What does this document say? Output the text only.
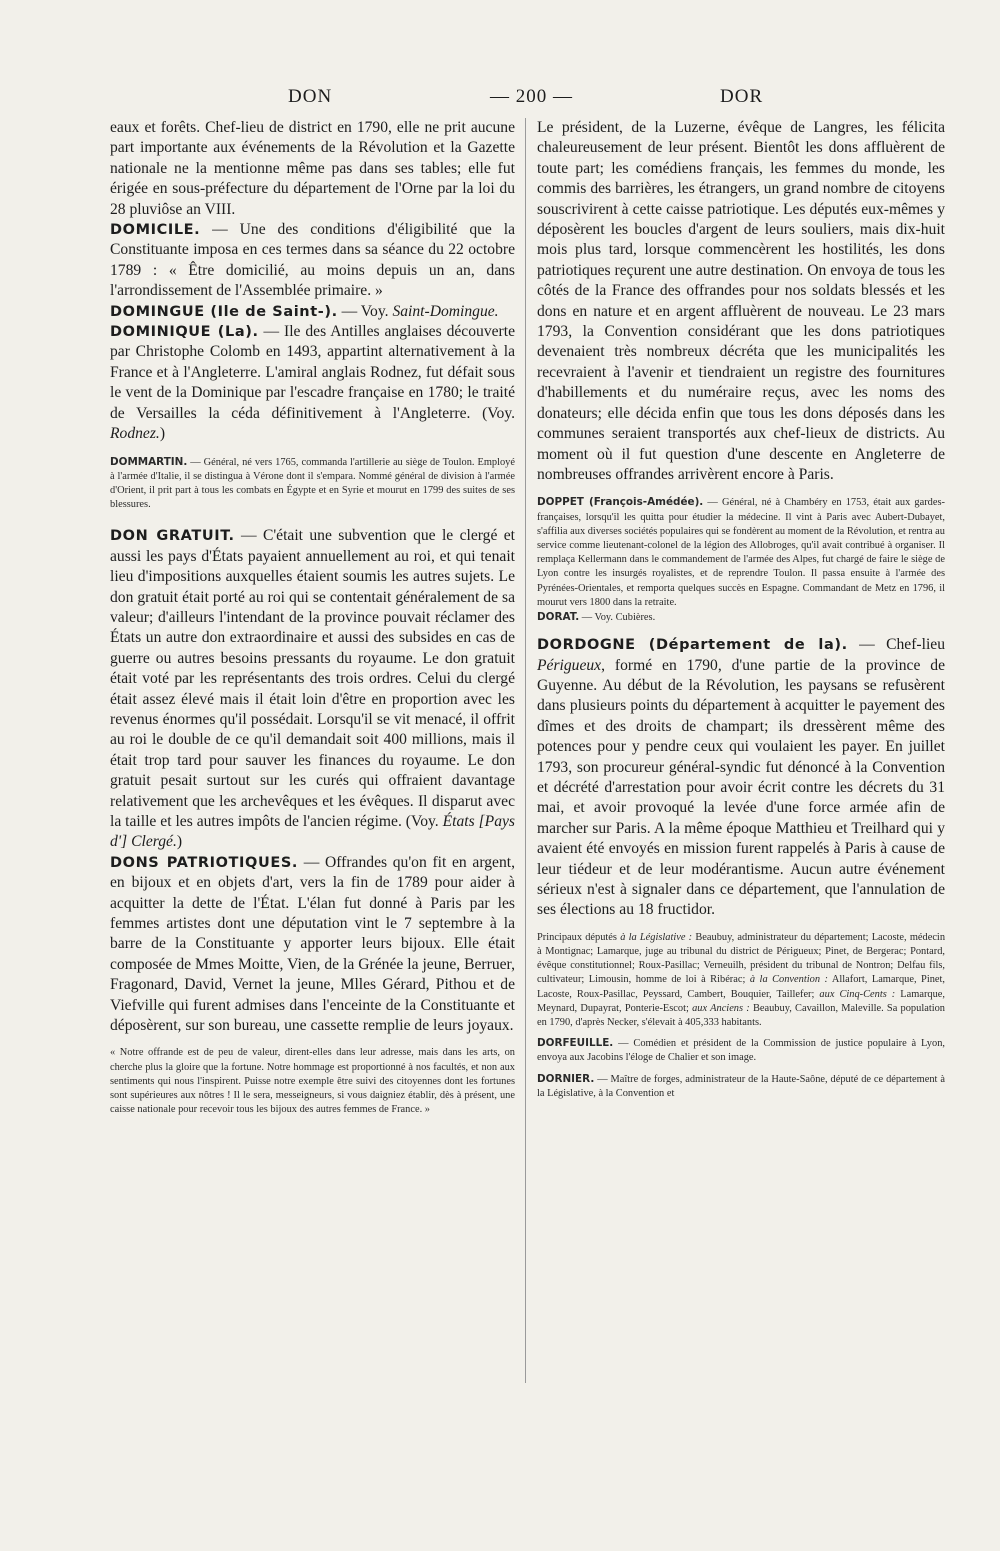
DON	— 200 —	DOR

eaux et forêts. Chef-lieu de district en 1790, elle ne prit aucune part importante aux événements de la Révolution et la Gazette nationale ne la mentionne même pas dans ses tables; elle fut érigée en sous-préfecture du département de l'Orne par la loi du 28 pluviôse an VIII.

DOMICILE. — Une des conditions d'éligibilité que la Constituante imposa en ces termes dans sa séance du 22 octobre 1789 : « Être domicilié, au moins depuis un an, dans l'arrondissement de l'Assemblée primaire. »

DOMINGUE (Ile de Saint-). — Voy. Saint-Domingue.

DOMINIQUE (La). — Ile des Antilles anglaises découverte par Christophe Colomb en 1493, appartint alternativement à la France et à l'Angleterre. L'amiral anglais Rodnez, fut défait sous le vent de la Dominique par l'escadre française en 1780; le traité de Versailles la céda définitivement à l'Angleterre. (Voy. Rodnez.)

DOMMARTIN. — Général, né vers 1765, commanda l'artillerie au siège de Toulon. Employé à l'armée d'Italie, il se distingua à Vérone dont il s'empara. Nommé général de division à l'armée d'Orient, il prit part à tous les combats en Égypte et en Syrie et mourut en 1799 des suites de ses blessures.

DON GRATUIT. — C'était une subvention que le clergé et aussi les pays d'États payaient annuellement au roi, et qui tenait lieu d'impositions auxquelles étaient soumis les autres sujets. Le don gratuit était porté au roi qui se contentait généralement de sa valeur; d'ailleurs l'intendant de la province pouvait réclamer des États un autre don extraordinaire et aussi des subsides en cas de guerre ou autres besoins pressants du royaume. Le don gratuit était voté par les représentants des trois ordres. Celui du clergé était assez élevé mais il était loin d'être en proportion avec les revenus énormes qu'il possédait. Lorsqu'il se vit menacé, il offrit au roi le double de ce qu'il demandait soit 400 millions, mais il était trop tard pour sauver les finances du royaume. Le don gratuit pesait surtout sur les curés qui offraient davantage relativement que les archevêques et les évêques. Il disparut avec la taille et les autres impôts de l'ancien régime. (Voy. États [Pays d'] Clergé.)

DONS PATRIOTIQUES. — Offrandes qu'on fit en argent, en bijoux et en objets d'art, vers la fin de 1789 pour aider à acquitter la dette de l'État. L'élan fut donné à Paris par les femmes artistes dont une députation vint le 7 septembre à la barre de la Constituante y apporter leurs bijoux. Elle était composée de Mmes Moitte, Vien, de la Grénée la jeune, Berruer, Fragonard, David, Vernet la jeune, Mlles Gérard, Pithou et de Viefville qui furent admises dans l'enceinte de la Constituante et déposèrent, sur son bureau, une cassette remplie de leurs joyaux.

« Notre offrande est de peu de valeur, dirent-elles dans leur adresse, mais dans les arts, on cherche plus la gloire que la fortune. Notre hommage est proportionné à nos facultés, et non aux sentiments qui nous l'inspirent. Puisse notre exemple être suivi des citoyennes dont les fortunes sont supérieures aux nôtres ! Il le sera, messeigneurs, si vous daigniez établir, dès à présent, une caisse nationale pour recevoir tous les bijoux des autres femmes de France. »

Le président, de la Luzerne, évêque de Langres, les félicita chaleureusement de leur présent. Bientôt les dons affluèrent de toute part; les comédiens français, les femmes du monde, les commis des barrières, les étrangers, un grand nombre de citoyens souscrivirent à cette caisse patriotique. Les députés eux-mêmes y déposèrent les boucles d'argent de leurs souliers, mais dix-huit mois plus tard, lorsque commencèrent les hostilités, les dons patriotiques reçurent une autre destination. On envoya de tous les côtés de la France des offrandes pour nos soldats blessés et les dons en nature et en argent affluèrent de nouveau. Le 23 mars 1793, la Convention considérant que les dons patriotiques devenaient très nombreux décréta que les municipalités les recevraient à l'avenir et tiendraient un registre des fournitures d'habillements et du numéraire reçus, avec les noms des donateurs; elle décida enfin que tous les dons déposés dans les communes seraient transportés aux chef-lieux de districts. Au moment où il fut question d'une descente en Angleterre de nombreuses offrandes arrivèrent encore à Paris.

DOPPET (François-Amédée). — Général, né à Chambéry en 1753, était aux gardes-françaises, lorsqu'il les quitta pour étudier la médecine. Il vint à Paris avec Aubert-Dubayet, s'affilia aux diverses sociétés populaires qui se fondèrent au moment de la Révolution, et rentra au service comme lieutenant-colonel de la légion des Allobroges, qu'il avait contribué à organiser. Il remplaça Kellermann dans le commandement de l'armée des Alpes, fut chargé de faire le siège de Lyon contre les insurgés royalistes, et de reprendre Toulon. Il passa ensuite à l'armée des Pyrénées-Orientales, et remporta quelques succès en Espagne. Commandant de Metz en 1796, il mourut vers 1800 dans la retraite.

DORAT. — Voy. Cubières.

DORDOGNE (Département de la). — Chef-lieu Périgueux, formé en 1790, d'une partie de la province de Guyenne. Au début de la Révolution, les paysans se refusèrent dans plusieurs points du département à acquitter le payement des dîmes et des droits de champart; ils dressèrent même des potences pour y pendre ceux qui voulaient les payer. En juillet 1793, son procureur général-syndic fut dénoncé à la Convention et décrété d'arrestation pour avoir écrit contre les décrets du 31 mai, et avoir provoqué la levée d'une force armée afin de marcher sur Paris. A la même époque Matthieu et Treilhard qui y avaient été envoyés en mission furent rappelés à Paris à cause de leur tiédeur et de leur modérantisme. Aucun autre événement sérieux n'est à signaler dans ce département, que l'annulation de ses élections au 18 fructidor.

Principaux députés à la Législative : Beaubuy, administrateur du département; Lacoste, médecin à Montignac; Lamarque, juge au tribunal du district de Périgueux; Pinet, de Bergerac; Pontard, évêque constitutionnel; Roux-Pasillac; Verneuilh, président du tribunal de Nontron; Delfau fils, cultivateur; Limousin, homme de loi à Ribérac; à la Convention : Allafort, Lamarque, Pinet, Lacoste, Roux-Pasillac, Peyssard, Cambert, Bouquier, Taillefer; aux Cinq-Cents : Lamarque, Meynard, Dupayrat, Ponterie-Escot; aux Anciens : Beaubuy, Cavaillon, Maleville. Sa population en 1790, d'après Necker, s'élevait à 405,333 habitants.

DORFEUILLE. — Comédien et président de la Commission de justice populaire à Lyon, envoya aux Jacobins l'éloge de Chalier et son image.

DORNIER. — Maître de forges, administrateur de la Haute-Saône, député de ce département à la Législative, à la Convention et
